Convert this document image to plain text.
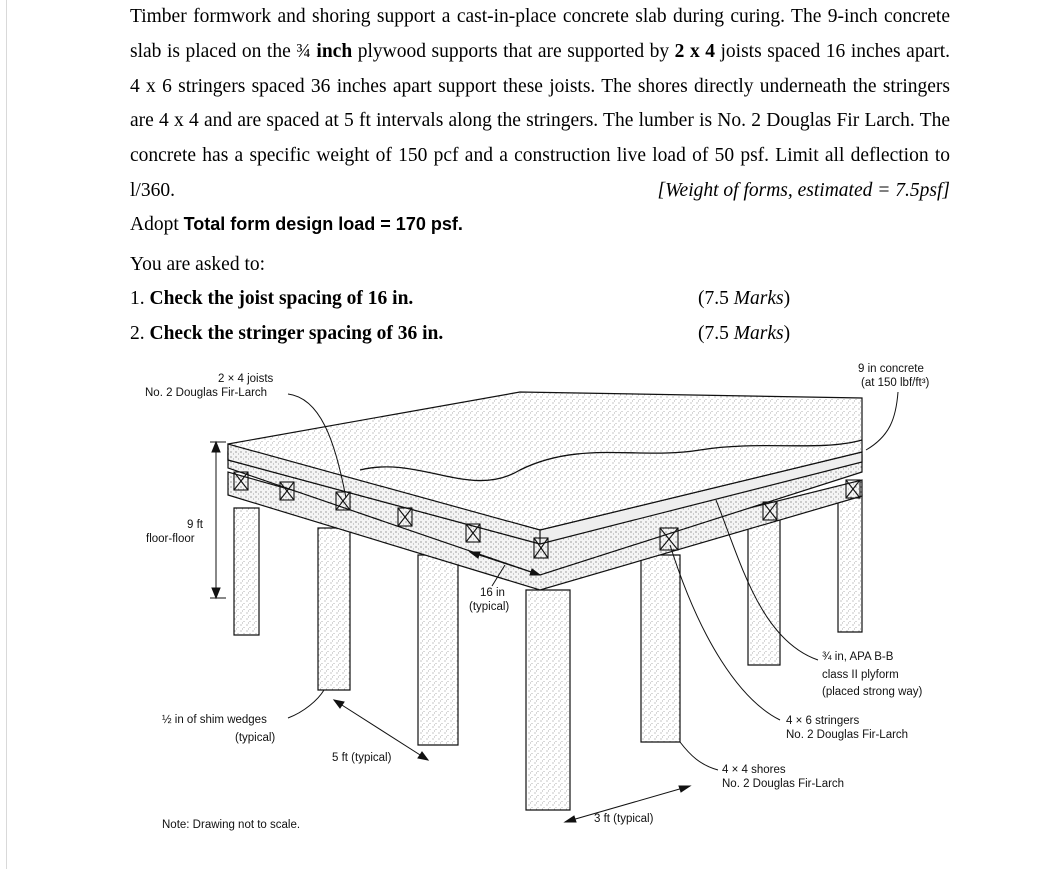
Timber formwork and shoring support a cast-in-place concrete slab during curing. The 9-inch concrete slab is placed on the ¾ inch plywood supports that are supported by 2 x 4 joists spaced 16 inches apart. 4 x 6 stringers spaced 36 inches apart support these joists. The shores directly underneath the stringers are 4 x 4 and are spaced at 5 ft intervals along the stringers. The lumber is No. 2 Douglas Fir Larch. The concrete has a specific weight of 150 pcf and a construction live load of 50 psf. Limit all deflection to l/360.	[Weight of forms, estimated = 7.5psf]

Adopt Total form design load = 170 psf.
You are asked to:
1. Check the joist spacing of 16 in.	(7.5 Marks)
2. Check the stringer spacing of 36 in.	(7.5 Marks)
2 × 4 joists
No. 2 Douglas Fir-Larch
9 in concrete
(at 150 lbf/ft³)
9 ft
floor-floor
16 in
(typical)
¾ in, APA B-B
class II plyform
(placed strong way)
½ in of shim wedges
(typical)
4 × 6 stringers
No. 2 Douglas Fir-Larch
5 ft (typical)
4 × 4 shores
No. 2 Douglas Fir-Larch
3 ft (typical)
Note: Drawing not to scale.
